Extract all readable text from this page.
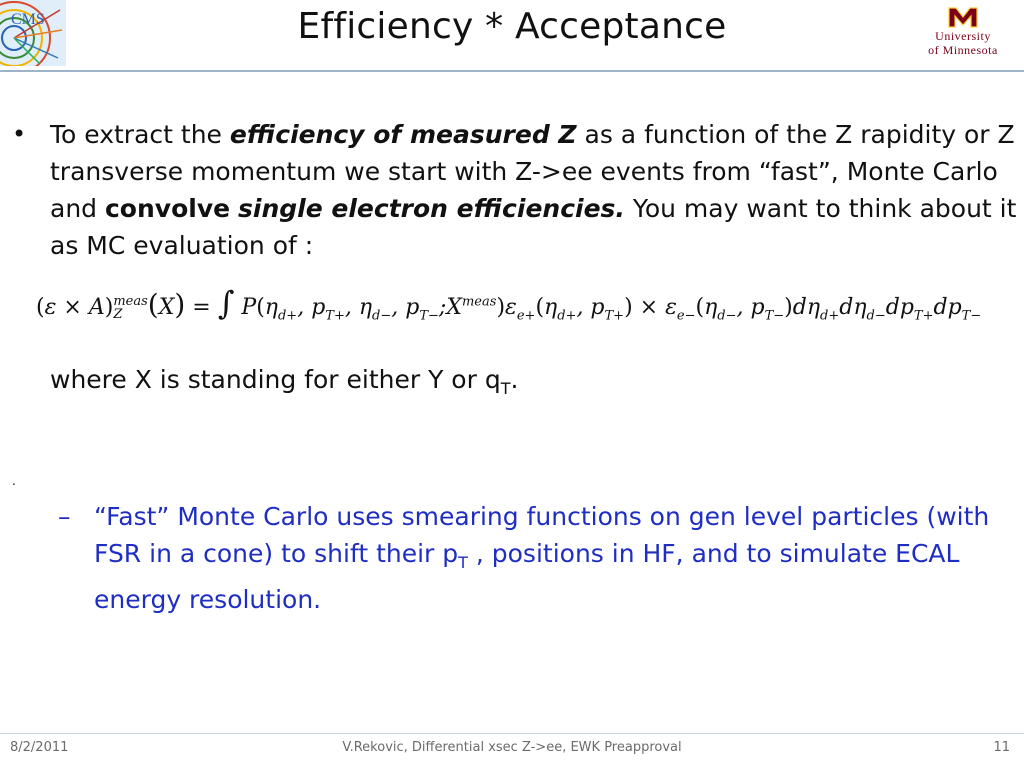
CMS	Efficiency * Acceptance	University
of Minnesota
• To extract the efficiency of measured Z as a function of the Z rapidity or Z transverse momentum we start with Z->ee events from “fast”, Monte Carlo and convolve single electron efficiencies. You may want to think about it as MC evaluation of :
(ε × A) meas
Z (X) = ∫ $P(\eta_{d+}$, $p_{T+}$, $\eta_{d-}$, $p_{T-};X^{meas})\varepsilon_{e+}(\eta_{d+}$, $p_{T+}) \times \varepsilon_{e-}(\eta_{d-}$, $p_{T-})d\eta_{d+}d\eta_{d-}dp_{T+}dp_{T-}$
where X is standing for either Y or $q_T$.
.
– “Fast” Monte Carlo uses smearing functions on gen level particles (with FSR in a cone) to shift their $p_T$ , positions in HF, and to simulate ECAL energy resolution.
8/2/2011	V.Rekovic, Differential xsec Z->ee, EWK Preapproval	11
